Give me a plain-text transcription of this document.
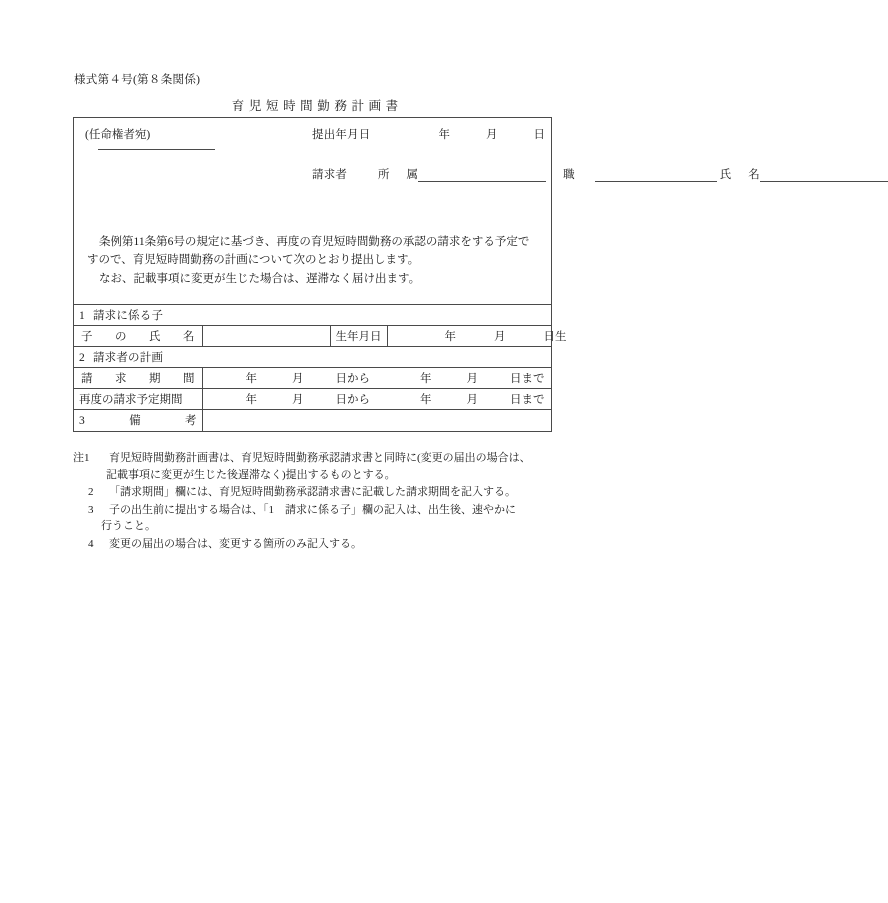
様式第４号(第８条関係)
育児短時間勤務計画書
(任命権者宛)	提出年月日	年	月	日
請求者	所属	職	氏名

条例第11条第6号の規定に基づき、再度の育児短時間勤務の承認の請求をする予定ですので、育児短時間勤務の計画について次のとおり提出します。

なお、記載事項に変更が生じた場合は、遅滞なく届け出ます。

1 請求に係る子			

子の氏名		生年月日	年 月 日生

2 請求者の計画			

請求期間	年 月 日から 年 月 日まで		

再度の請求予定期間	年 月 日から 年 月 日まで		

3備考			

注1 育児短時間勤務計画書は、育児短時間勤務承認請求書と同時に(変更の届出の場合は、
記載事項に変更が生じた後遅滞なく)提出するものとする。
2 「請求期間」欄には、育児短時間勤務承認請求書に記載した請求期間を記入する。
3 子の出生前に提出する場合は、「1　請求に係る子」欄の記入は、出生後、速やかに
行うこと。
4 変更の届出の場合は、変更する箇所のみ記入する。
